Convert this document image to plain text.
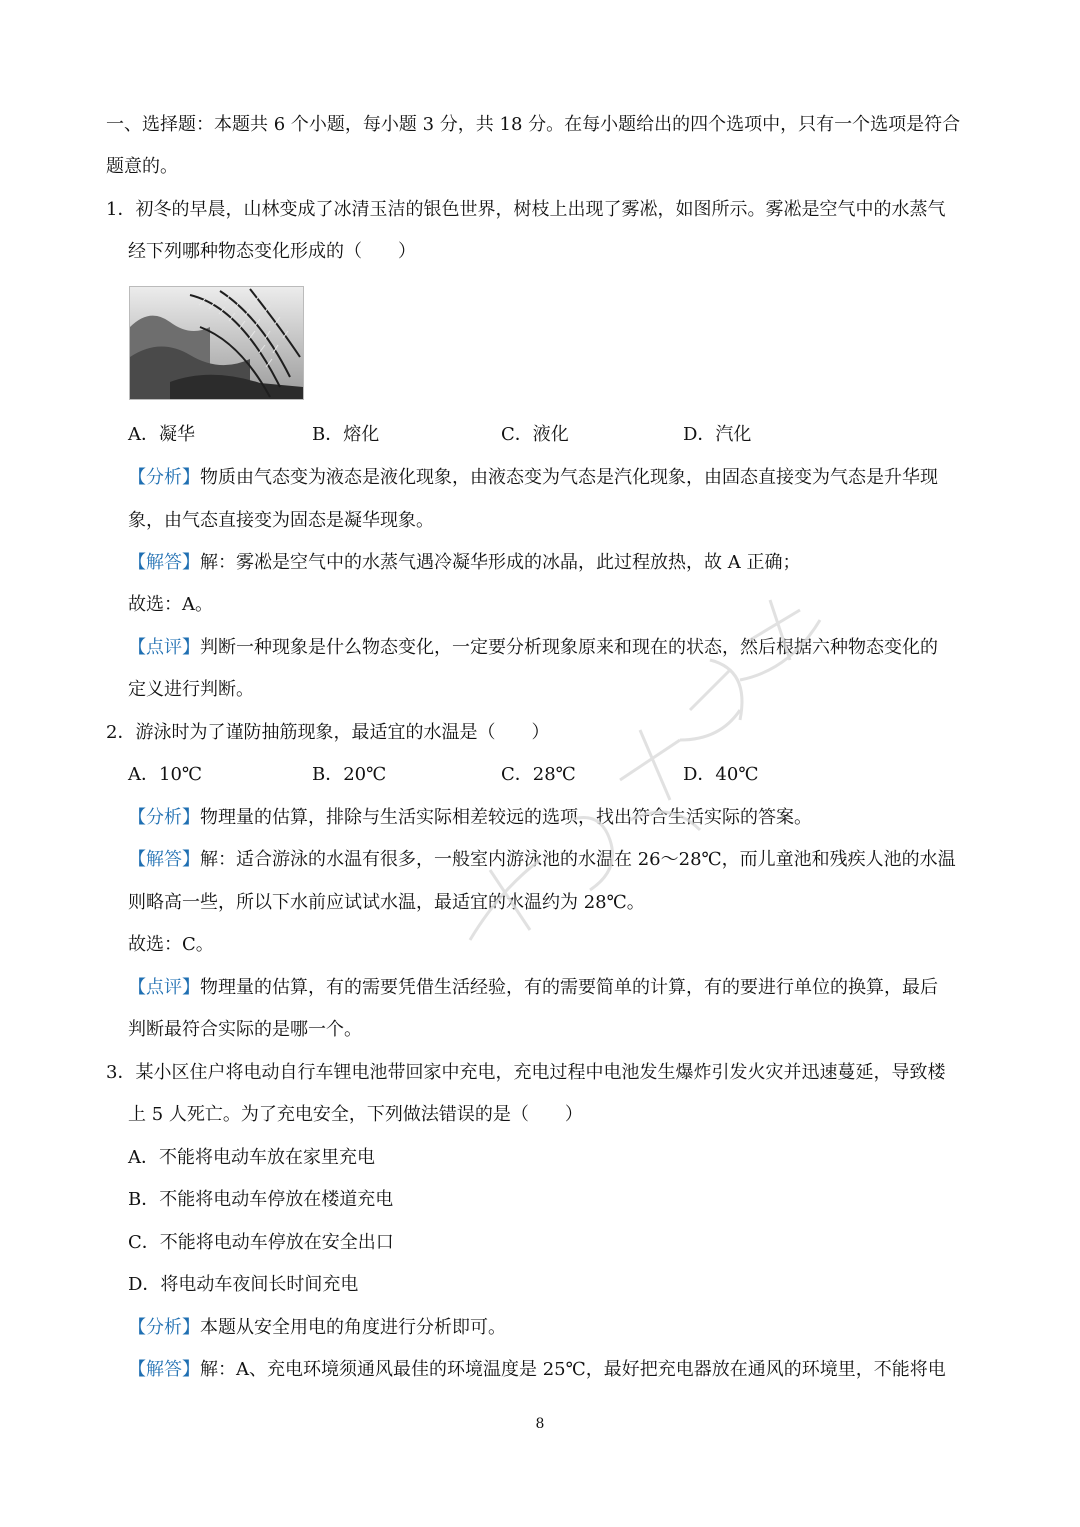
一、选择题：本题共 6 个小题，每小题 3 分，共 18 分。在每小题给出的四个选项中，只有一个选项是符合
题意的。
1．初冬的早晨，山林变成了冰清玉洁的银色世界，树枝上出现了雾凇，如图所示。雾凇是空气中的水蒸气
经下列哪种物态变化形成的（　　）
A．凝华	B．熔化	C．液化	D．汽化
【分析】物质由气态变为液态是液化现象，由液态变为气态是汽化现象，由固态直接变为气态是升华现
象，由气态直接变为固态是凝华现象。
【解答】解：雾凇是空气中的水蒸气遇冷凝华形成的冰晶，此过程放热，故 A 正确；
故选：A。
【点评】判断一种现象是什么物态变化，一定要分析现象原来和现在的状态，然后根据六种物态变化的
定义进行判断。
2．游泳时为了谨防抽筋现象，最适宜的水温是（　　）
A．10℃	B．20℃	C．28℃	D．40℃
【分析】物理量的估算，排除与生活实际相差较远的选项，找出符合生活实际的答案。
【解答】解：适合游泳的水温有很多，一般室内游泳池的水温在 26～28℃，而儿童池和残疾人池的水温
则略高一些，所以下水前应试试水温，最适宜的水温约为 28℃。
故选：C。
【点评】物理量的估算，有的需要凭借生活经验，有的需要简单的计算，有的要进行单位的换算，最后
判断最符合实际的是哪一个。
3．某小区住户将电动自行车锂电池带回家中充电，充电过程中电池发生爆炸引发火灾并迅速蔓延，导致楼
上 5 人死亡。为了充电安全，下列做法错误的是（　　）
A．不能将电动车放在家里充电
B．不能将电动车停放在楼道充电
C．不能将电动车停放在安全出口
D．将电动车夜间长时间充电
【分析】本题从安全用电的角度进行分析即可。
【解答】解：A、充电环境须通风最佳的环境温度是 25℃，最好把充电器放在通风的环境里，不能将电
8
